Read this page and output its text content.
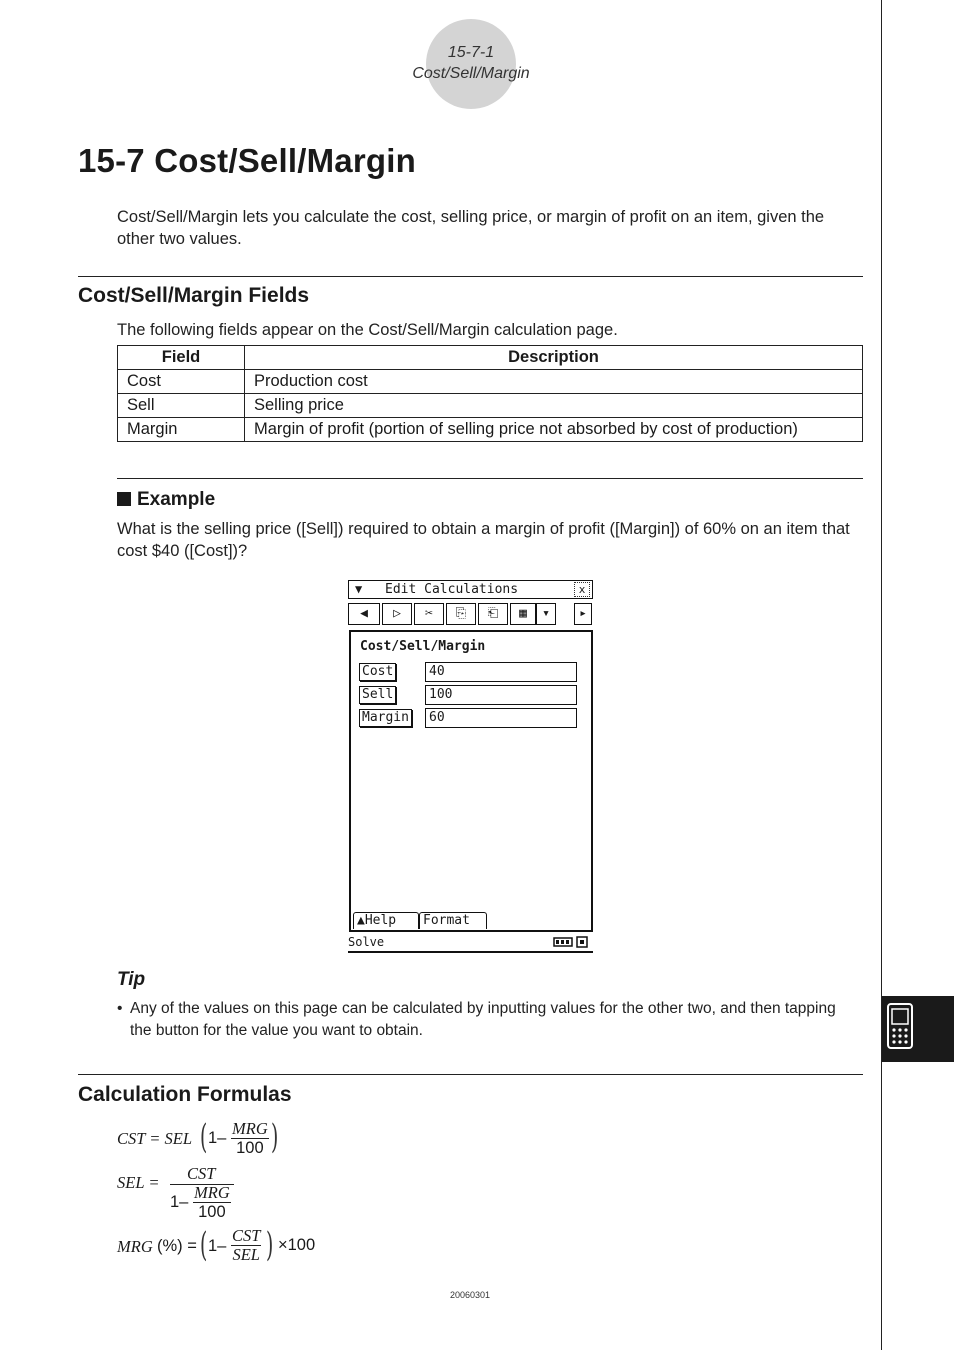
15-7-1
Cost/Sell/Margin
15-7 Cost/Sell/Margin
Cost/Sell/Margin lets you calculate the cost, selling price, or margin of profit on an item, given the other two values.
Cost/Sell/Margin Fields
The following fields appear on the Cost/Sell/Margin calculation page.
Field	Description
Cost	Production cost
Sell	Selling price
Margin	Margin of profit (portion of selling price not absorbed by cost of production)
Example
What is the selling price ([Sell]) required to obtain a margin of profit ([Margin]) of 60% on an item that cost $40 ([Cost])?
▼ Edit Calculations	x
◀	▷	✂	⎘	⎗	▦	▾	▸
Cost/Sell/Margin
Cost	40
Sell	100
Margin	60
▲Help	Format
Solve
Tip
• Any of the values on this page can be calculated by inputting values for the other two, and then tapping the button for the value you want to obtain.
Calculation Formulas
CST = SEL ( 1– MRG
100 )
SEL = CST
1– MRG
100
MRG (%) = ( 1–
CST
SEL ) ×100
20060301
